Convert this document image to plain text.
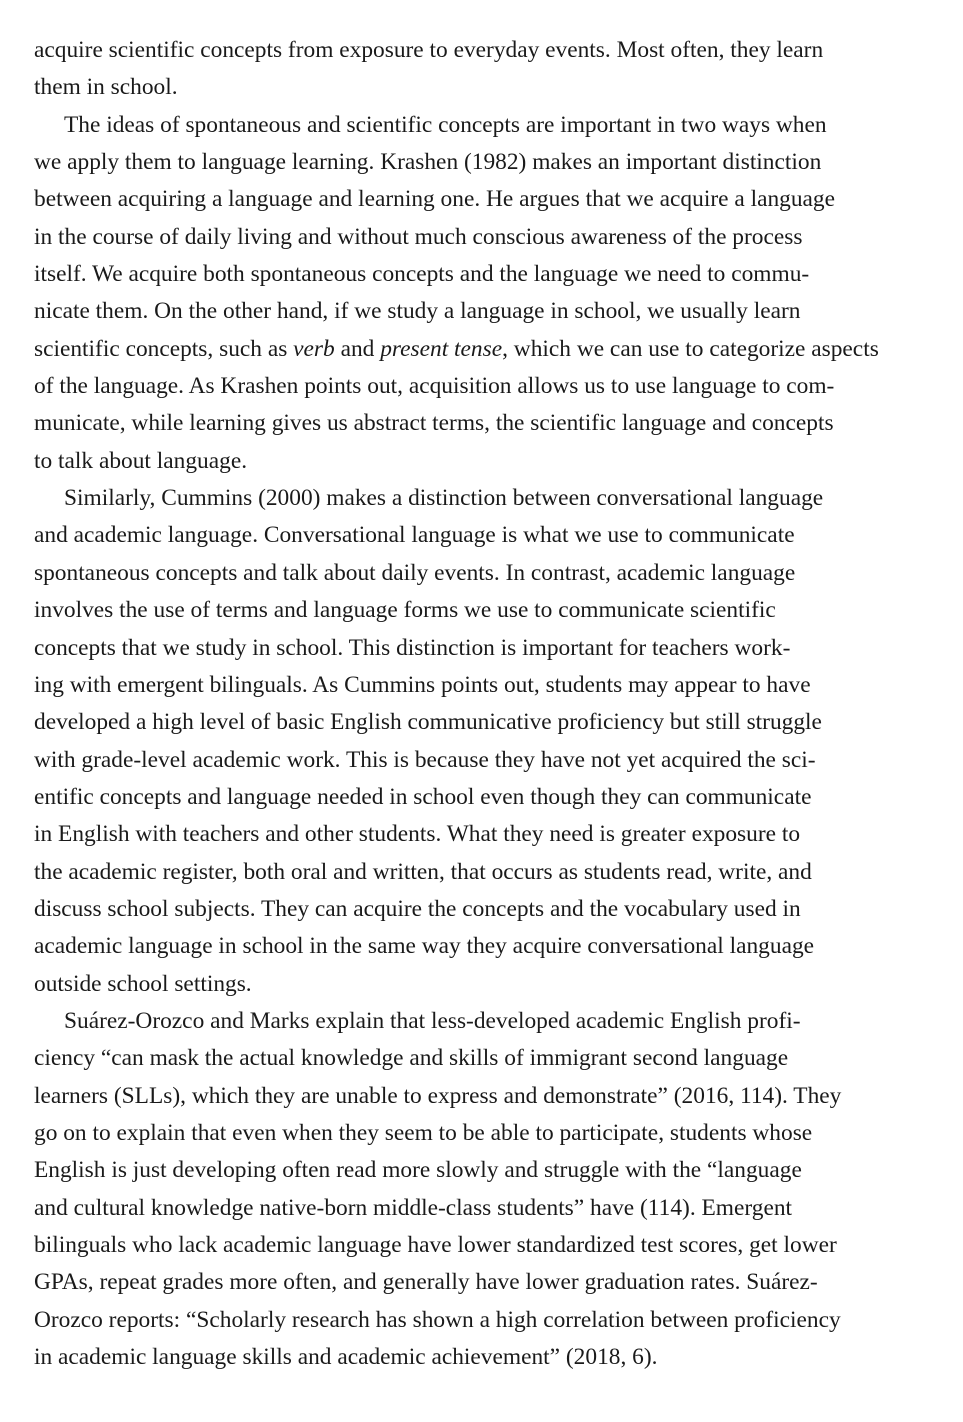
acquire scientific concepts from exposure to everyday events. Most often, they learn
them in school.
The ideas of spontaneous and scientific concepts are important in two ways when
we apply them to language learning. Krashen (1982) makes an important distinction
between acquiring a language and learning one. He argues that we acquire a language
in the course of daily living and without much conscious awareness of the process
itself. We acquire both spontaneous concepts and the language we need to commu-
nicate them. On the other hand, if we study a language in school, we usually learn
scientific concepts, such as verb and present tense, which we can use to categorize aspects
of the language. As Krashen points out, acquisition allows us to use language to com-
municate, while learning gives us abstract terms, the scientific language and concepts
to talk about language.
Similarly, Cummins (2000) makes a distinction between conversational language
and academic language. Conversational language is what we use to communicate
spontaneous concepts and talk about daily events. In contrast, academic language
involves the use of terms and language forms we use to communicate scientific
concepts that we study in school. This distinction is important for teachers work-
ing with emergent bilinguals. As Cummins points out, students may appear to have
developed a high level of basic English communicative proficiency but still struggle
with grade-level academic work. This is because they have not yet acquired the sci-
entific concepts and language needed in school even though they can communicate
in English with teachers and other students. What they need is greater exposure to
the academic register, both oral and written, that occurs as students read, write, and
discuss school subjects. They can acquire the concepts and the vocabulary used in
academic language in school in the same way they acquire conversational language
outside school settings.
Suárez-Orozco and Marks explain that less-developed academic English profi-
ciency “can mask the actual knowledge and skills of immigrant second language
learners (SLLs), which they are unable to express and demonstrate” (2016, 114). They
go on to explain that even when they seem to be able to participate, students whose
English is just developing often read more slowly and struggle with the “language
and cultural knowledge native-born middle-class students” have (114). Emergent
bilinguals who lack academic language have lower standardized test scores, get lower
GPAs, repeat grades more often, and generally have lower graduation rates. Suárez-
Orozco reports: “Scholarly research has shown a high correlation between proficiency
in academic language skills and academic achievement” (2018, 6).
